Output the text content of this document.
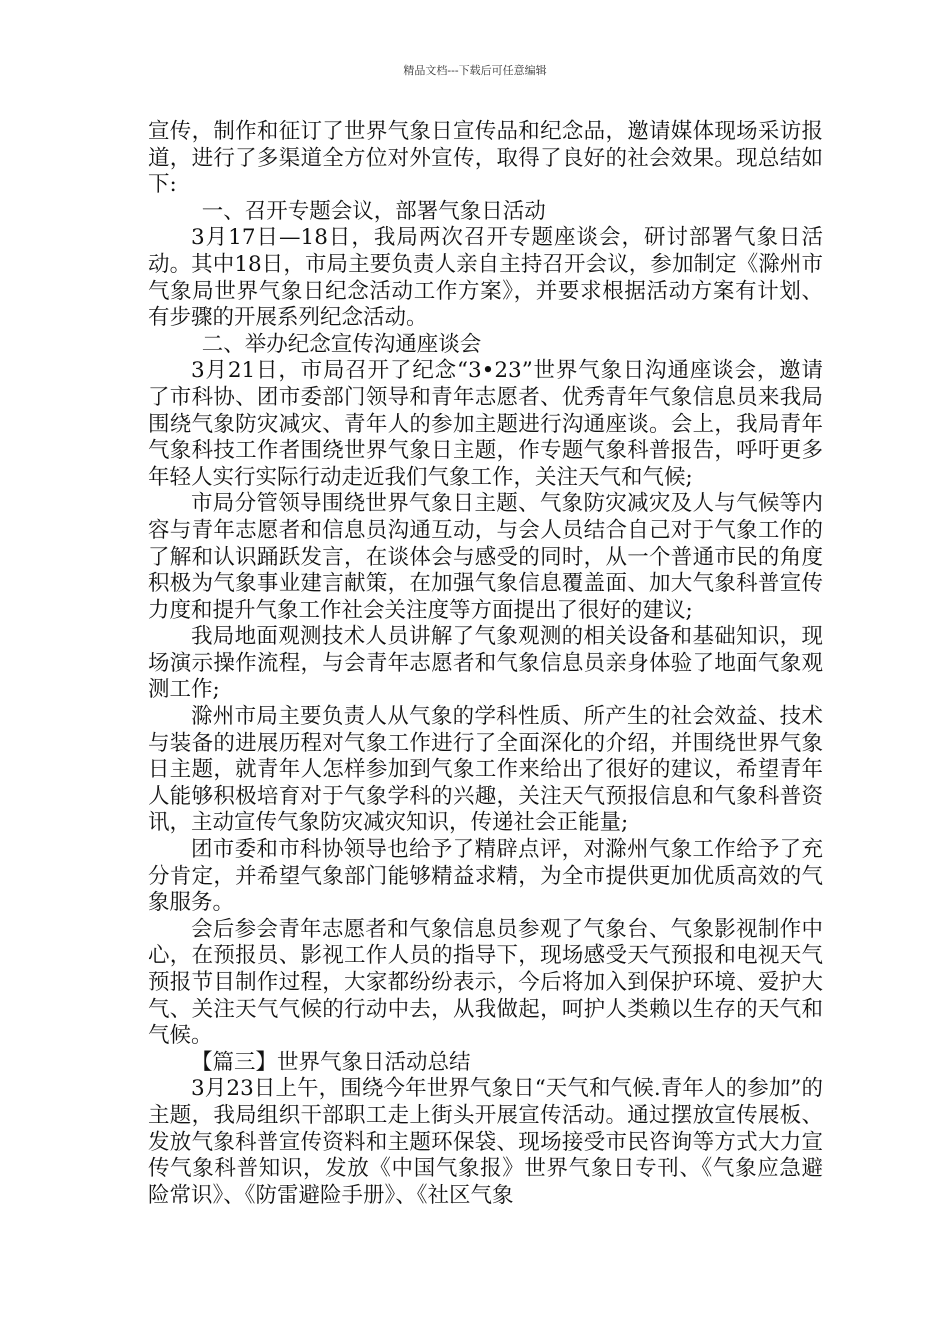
精品文档---下载后可任意编辑

宣传，制作和征订了世界气象日宣传品和纪念品，邀请媒体现场采访报道，进行了多渠道全方位对外宣传，取得了良好的社会效果。现总结如下:

一、召开专题会议，部署气象日活动

3月17日—18日，我局两次召开专题座谈会，研讨部署气象日活动。其中18日，市局主要负责人亲自主持召开会议，参加制定《滁州市气象局世界气象日纪念活动工作方案》，并要求根据活动方案有计划、有步骤的开展系列纪念活动。

二、举办纪念宣传沟通座谈会

3月21日，市局召开了纪念“3•23”世界气象日沟通座谈会，邀请了市科协、团市委部门领导和青年志愿者、优秀青年气象信息员来我局围绕气象防灾减灾、青年人的参加主题进行沟通座谈。会上，我局青年气象科技工作者围绕世界气象日主题，作专题气象科普报告，呼吁更多年轻人实行实际行动走近我们气象工作，关注天气和气候;

市局分管领导围绕世界气象日主题、气象防灾减灾及人与气候等内容与青年志愿者和信息员沟通互动，与会人员结合自己对于气象工作的了解和认识踊跃发言，在谈体会与感受的同时，从一个普通市民的角度积极为气象事业建言献策，在加强气象信息覆盖面、加大气象科普宣传力度和提升气象工作社会关注度等方面提出了很好的建议;

我局地面观测技术人员讲解了气象观测的相关设备和基础知识，现场演示操作流程，与会青年志愿者和气象信息员亲身体验了地面气象观测工作;

滁州市局主要负责人从气象的学科性质、所产生的社会效益、技术与装备的进展历程对气象工作进行了全面深化的介绍，并围绕世界气象日主题，就青年人怎样参加到气象工作来给出了很好的建议，希望青年人能够积极培育对于气象学科的兴趣，关注天气预报信息和气象科普资讯，主动宣传气象防灾减灾知识，传递社会正能量;

团市委和市科协领导也给予了精辟点评，对滁州气象工作给予了充分肯定，并希望气象部门能够精益求精，为全市提供更加优质高效的气象服务。

会后参会青年志愿者和气象信息员参观了气象台、气象影视制作中心，在预报员、影视工作人员的指导下，现场感受天气预报和电视天气预报节目制作过程，大家都纷纷表示，今后将加入到保护环境、爱护大气、关注天气气候的行动中去，从我做起，呵护人类赖以生存的天气和气候。

【篇三】世界气象日活动总结

3月23日上午，围绕今年世界气象日“天气和气候.青年人的参加”的主题，我局组织干部职工走上街头开展宣传活动。通过摆放宣传展板、发放气象科普宣传资料和主题环保袋、现场接受市民咨询等方式大力宣传气象科普知识，发放《中国气象报》世界气象日专刊、《气象应急避险常识》、《防雷避险手册》、《社区气象
